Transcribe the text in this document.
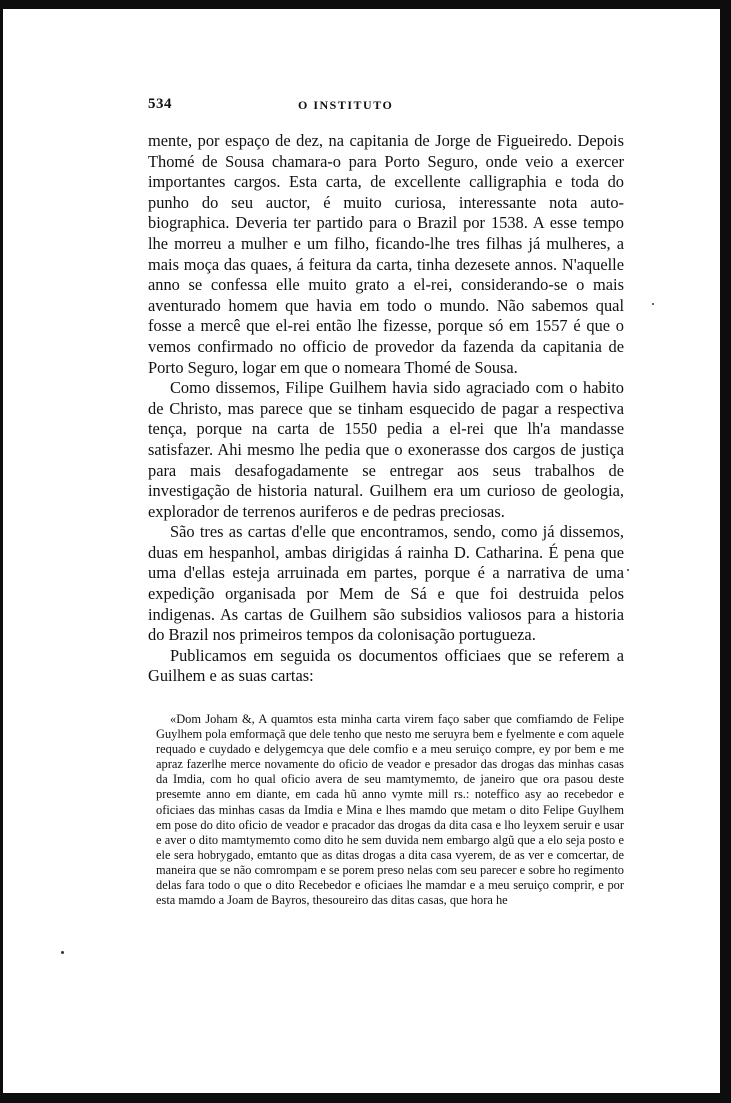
534	O INSTITUTO

mente, por espaço de dez, na capitania de Jorge de Figueiredo. Depois Thomé de Sousa chamara-o para Porto Seguro, onde veio a exercer importantes cargos. Esta carta, de excellente calligraphia e toda do punho do seu auctor, é muito curiosa, interessante nota auto-biographica. Deveria ter partido para o Brazil por 1538. A esse tempo lhe morreu a mulher e um filho, ficando-lhe tres filhas já mulheres, a mais moça das quaes, á feitura da carta, tinha dezesete annos. N'aquelle anno se confessa elle muito grato a el-rei, considerando-se o mais aventurado homem que havia em todo o mundo. Não sabemos qual fosse a mercê que el-rei então lhe fizesse, porque só em 1557 é que o vemos confirmado no officio de provedor da fazenda da capitania de Porto Seguro, logar em que o nomeara Thomé de Sousa.

Como dissemos, Filipe Guilhem havia sido agraciado com o habito de Christo, mas parece que se tinham esquecido de pagar a respectiva tença, porque na carta de 1550 pedia a el-rei que lh'a mandasse satisfazer. Ahi mesmo lhe pedia que o exonerasse dos cargos de justiça para mais desafogadamente se entregar aos seus trabalhos de investigação de historia natural. Guilhem era um curioso de geologia, explorador de terrenos auriferos e de pedras preciosas.

São tres as cartas d'elle que encontramos, sendo, como já dissemos, duas em hespanhol, ambas dirigidas á rainha D. Catharina. É pena que uma d'ellas esteja arruinada em partes, porque é a narrativa de uma expedição organisada por Mem de Sá e que foi destruida pelos indigenas. As cartas de Guilhem são subsidios valiosos para a historia do Brazil nos primeiros tempos da colonisação portugueza.

Publicamos em seguida os documentos officiaes que se referem a Guilhem e as suas cartas:

«Dom Joham &, A quamtos esta minha carta virem faço saber que comfiamdo de Felipe Guylhem pola emformaçã que dele tenho que nesto me seruyra bem e fyelmente e com aquele requado e cuydado e delygemcya que dele comfio e a meu seruiço compre, ey por bem e me apraz fazerlhe merce novamente do oficio de veador e presador das drogas das minhas casas da Imdia, com ho qual oficio avera de seu mamtymemto, de janeiro que ora pasou deste presemte anno em diante, em cada hũ anno vymte mill rs.: noteffico asy ao recebedor e oficiaes das minhas casas da Imdia e Mina e lhes mamdo que metam o dito Felipe Guylhem em pose do dito oficio de veador e pracador das drogas da dita casa e lho leyxem seruir e usar e aver o dito mamtymemto como dito he sem duvida nem embargo algũ que a elo seja posto e ele sera hobrygado, emtanto que as ditas drogas a dita casa vyerem, de as ver e comcertar, de maneira que se não comrompam e se porem preso nelas com seu parecer e sobre ho regimento delas fara todo o que o dito Recebedor e oficiaes lhe mamdar e a meu seruiço comprir, e por esta mamdo a Joam de Bayros, thesoureiro das ditas casas, que hora he
